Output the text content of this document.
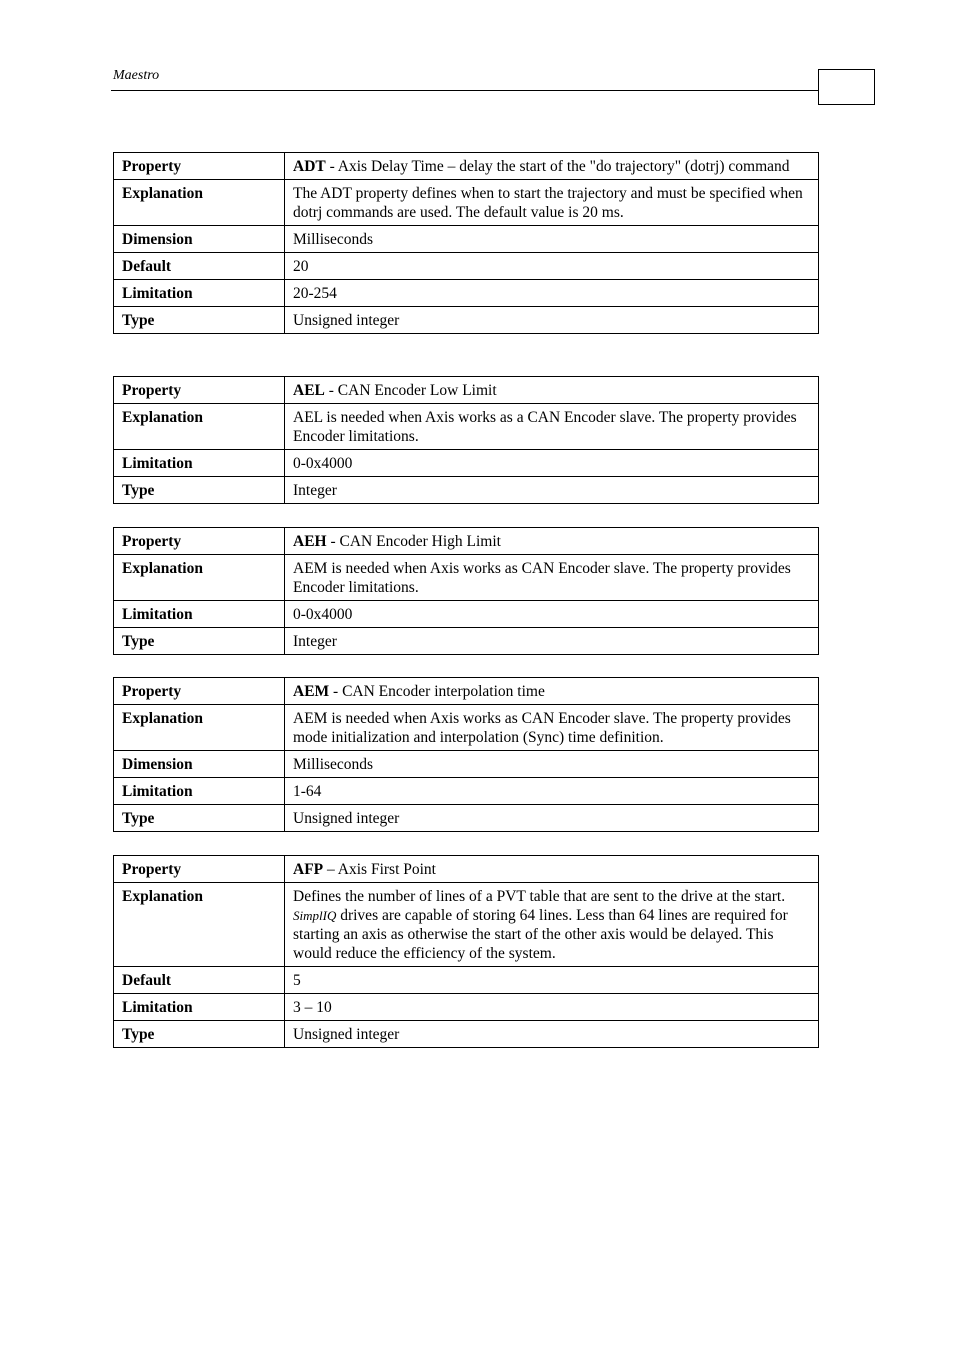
Maestro
Property	ADT - Axis Delay Time – delay the start of the "do trajectory" (dotrj) command
Explanation	The ADT property defines when to start the trajectory and must be specified when dotrj commands are used. The default value is 20 ms.
Dimension	Milliseconds
Default	20
Limitation	20-254
Type	Unsigned integer
Property	AEL - CAN Encoder Low Limit
Explanation	AEL is needed when Axis works as a CAN Encoder slave. The property provides Encoder limitations.
Limitation	0-0x4000
Type	Integer
Property	AEH - CAN Encoder High Limit
Explanation	AEM is needed when Axis works as CAN Encoder slave. The property provides Encoder limitations.
Limitation	0-0x4000
Type	Integer
Property	AEM - CAN Encoder interpolation time
Explanation	AEM is needed when Axis works as CAN Encoder slave. The property provides mode initialization and interpolation (Sync) time definition.
Dimension	Milliseconds
Limitation	1-64
Type	Unsigned integer
Property	AFP – Axis First Point
Explanation	Defines the number of lines of a PVT table that are sent to the drive at the start. SimplIQ drives are capable of storing 64 lines. Less than 64 lines are required for starting an axis as otherwise the start of the other axis would be delayed. This would reduce the efficiency of the system.
Default	5
Limitation	3 – 10
Type	Unsigned integer
